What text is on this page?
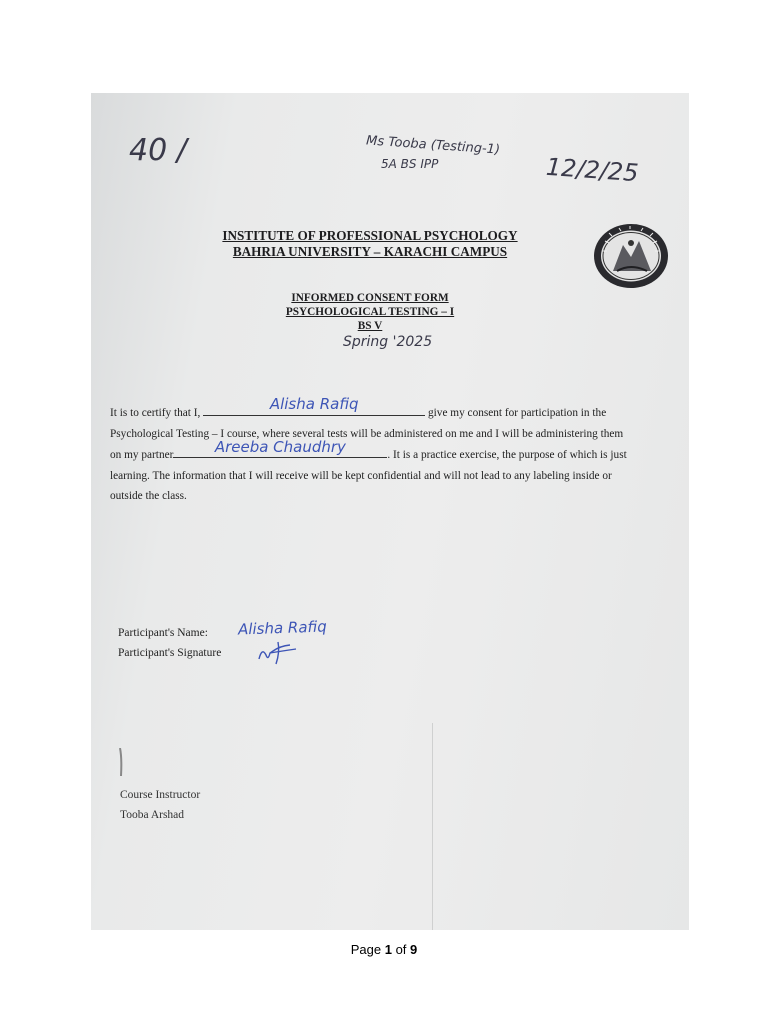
40 /	Ms Tooba (Testing-1)
5A BS IPP	12/2/25
INSTITUTE OF PROFESSIONAL PSYCHOLOGY
BAHRIA UNIVERSITY – KARACHI CAMPUS
INFORMED CONSENT FORM
PSYCHOLOGICAL TESTING – I
BS V
Spring '2025
It is to certify that I,	Alisha Rafiq	give my consent for participation in the Psychological Testing – I course, where several tests will be administered on me and I will be administering them on my partner	Areeba Chaudhry	. It is a practice exercise, the purpose of which is just learning. The information that I will receive will be kept confidential and will not lead to any labeling inside or outside the class.
Participant's Name: Alisha Rafiq
Participant's Signature
Course Instructor
Tooba Arshad
Page 1 of 9
